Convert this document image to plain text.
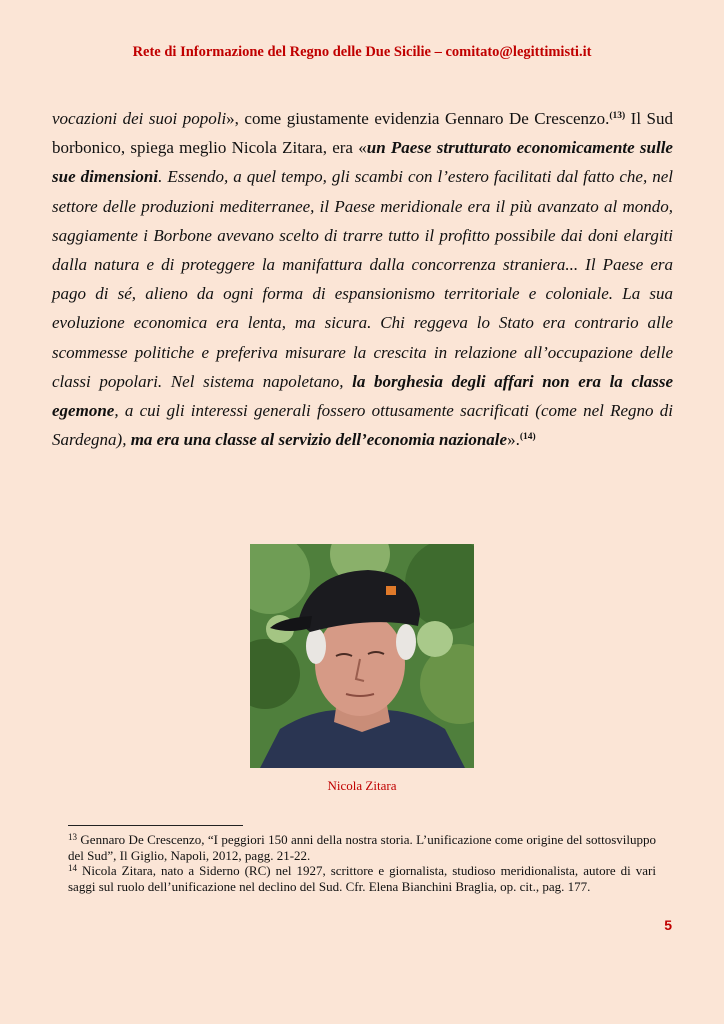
Rete di Informazione del Regno delle Due Sicilie – comitato@legittimisti.it

vocazioni dei suoi popoli», come giustamente evidenzia Gennaro De Crescenzo.$^{(13)}$ Il Sud borbonico, spiega meglio Nicola Zitara, era «un Paese strutturato economicamente sulle sue dimensioni. Essendo, a quel tempo, gli scambi con l’estero facilitati dal fatto che, nel settore delle produzioni mediterranee, il Paese meridionale era il più avanzato al mondo, saggiamente i Borbone avevano scelto di trarre tutto il profitto possibile dai doni elargiti dalla natura e di proteggere la manifattura dalla concorrenza straniera... Il Paese era pago di sé, alieno da ogni forma di espansionismo territoriale e coloniale. La sua evoluzione economica era lenta, ma sicura. Chi reggeva lo Stato era contrario alle scommesse politiche e preferiva misurare la crescita in relazione all’occupazione delle classi popolari. Nel sistema napoletano, la borghesia degli affari non era la classe egemone, a cui gli interessi generali fossero ottusamente sacrificati (come nel Regno di Sardegna), ma era una classe al servizio dell’economia nazionale».$^{(14)}$

Nicola Zitara

$^{13}$ Gennaro De Crescenzo, “I peggiori 150 anni della nostra storia. L’unificazione come origine del sottosviluppo del Sud”, Il Giglio, Napoli, 2012, pagg. 21-22.

$^{14}$ Nicola Zitara, nato a Siderno (RC) nel 1927, scrittore e giornalista, studioso meridionalista, autore di vari saggi sul ruolo dell’unificazione nel declino del Sud. Cfr. Elena Bianchini Braglia, op. cit., pag. 177.

5
